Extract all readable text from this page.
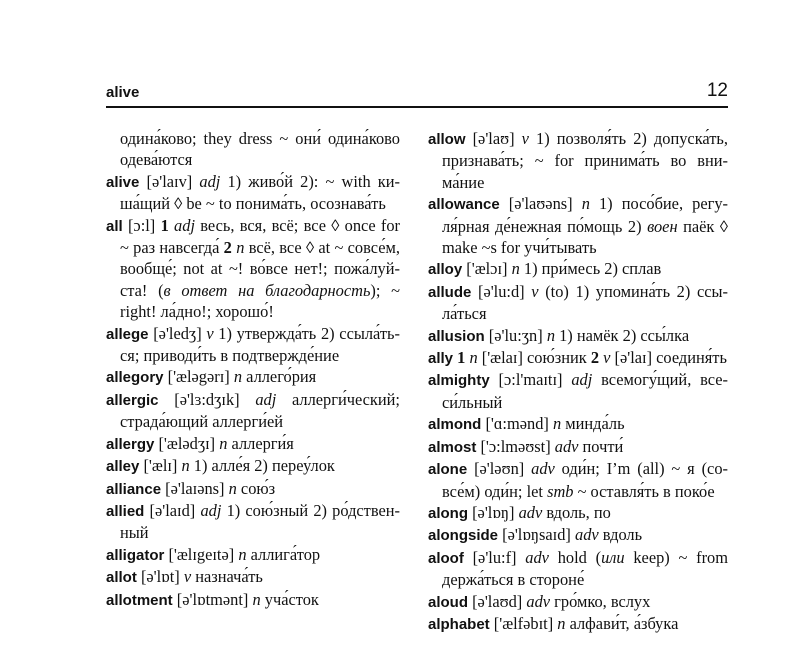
alive	12

одина́ково; they dress ~ они́ одина́ково одева́ются

alive [ə'laɪv] adj 1) живо́й 2): ~ with киша́щий ◊ be ~ to понима́ть, осознава́ть

all [ɔ:l] 1 adj весь, вся, всё; все ◊ once for ~ раз навсегда́ 2 n всё, все ◊ at ~ совсе́м, вообще́; not at ~! во́все нет!; пожа́луйста! (в ответ на благодарность); ~ right! ла́дно!; хорошо́!

allege [ə'ledʒ] v 1) утвержда́ть 2) ссыла́ться; приводи́ть в подтвержде́ние

allegory ['æləgərɪ] n аллего́рия

allergic [ə'lɜ:dʒɪk] adj аллерги́ческий; страда́ющий аллерги́ей

allergy ['ælədʒɪ] n аллерги́я

alley ['ælɪ] n 1) алле́я 2) переу́лок

alliance [ə'laɪəns] n сою́з

allied [ə'laɪd] adj 1) сою́зный 2) ро́дственный

alligator ['ælɪgeɪtə] n аллига́тор

allot [ə'lɒt] v назнача́ть

allotment [ə'lɒtmənt] n уча́сток

allow [ə'laʊ] v 1) позволя́ть 2) допуска́ть, признава́ть; ~ for принима́ть во внима́ние

allowance [ə'laʊəns] n 1) посо́бие, регуля́рная де́нежная по́мощь 2) воен паёк ◊ make ~s for учи́тывать

alloy ['ælɔɪ] n 1) при́месь 2) сплав

allude [ə'lu:d] v (to) 1) упомина́ть 2) ссыла́ться

allusion [ə'lu:ʒn] n 1) намёк 2) ссы́лка

ally 1 n ['ælaɪ] сою́зник 2 v [ə'laɪ] соединя́ть

almighty [ɔ:l'maɪtɪ] adj всемогу́щий, всеси́льный

almond ['ɑ:mənd] n минда́ль

almost ['ɔ:lməʊst] adv почти́

alone [ə'ləʊn] adv оди́н; I’m (all) ~ я (совсе́м) оди́н; let smb ~ оставля́ть в поко́е

along [ə'lɒŋ] adv вдоль, по

alongside [ə'lɒŋsaɪd] adv вдоль

aloof [ə'lu:f] adv hold (или keep) ~ from держа́ться в стороне́

aloud [ə'laʊd] adv гро́мко, вслух

alphabet ['ælfəbɪt] n алфави́т, а́збука
